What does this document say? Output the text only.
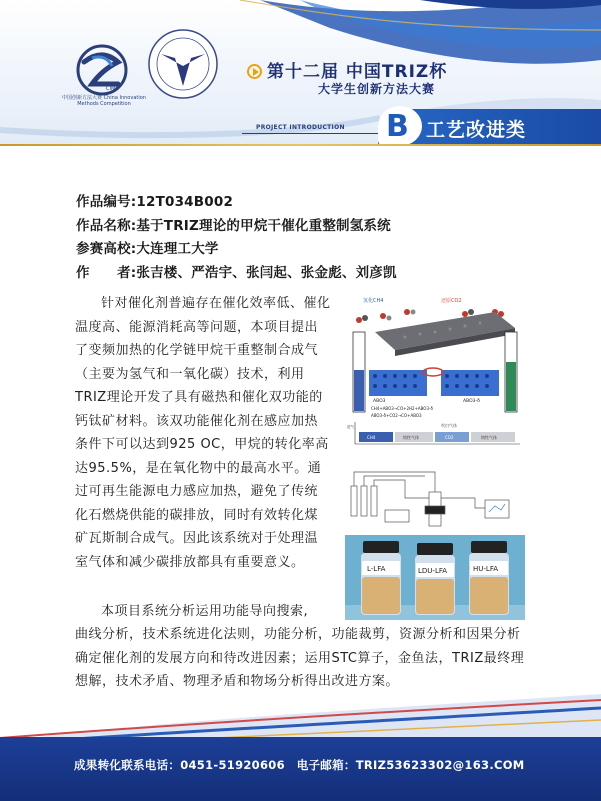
CIMC
中国创新方法大赛 China Innovation Methods Competition
第十二届 中国TRIZ杯
大学生创新方法大赛
PROJECT INTRODUCTION	B 工艺改进类
作品编号:12T034B002
作品名称:基于TRIZ理论的甲烷干催化重整制氢系统
参赛高校:大连理工大学
作　　者:张吉楼、严浩宇、张闫起、张金彪、刘彦凯
针对催化剂普遍存在催化效率低、催化温度高、能源消耗高等问题，本项目提出了变频加热的化学链甲烷干重整制合成气（主要为氢气和一氧化碳）技术，利用TRIZ理论开发了具有磁热和催化双功能的钙钛矿材料。该双功能催化剂在感应加热条件下可以达到925 OC，甲烷的转化率高达95.5%，是在氧化物中的最高水平。通过可再生能源电力感应加热，避免了传统化石燃烧供能的碳排放，同时有效转化煤矿瓦斯制合成气。因此该系统对于处理温室气体和减少碳排放都具有重要意义。
本项目系统分析运用功能导向搜索,
曲线分析，技术系统进化法则，功能分析，功能裁剪，资源分析和因果分析确定催化剂的发展方向和待改进因素；运用STC算子，金鱼法，TRIZ最终理想解，技术矛盾、物理矛盾和物场分析得出改进方案。
氢化CH4	还原CO2
ABO3	ABO3-δ
CH4+ABO3→CO+2H2+ABO3-δ
ABO3-δ+CO2→CO+ABO3
吹扫气体
进气
CH4	惰性气体	CO2	惰性气体
L-LFA	LDU-LFA	HU-LFA
成果转化联系电话：0451-51920606　电子邮箱：TRIZ53623302@163.COM
